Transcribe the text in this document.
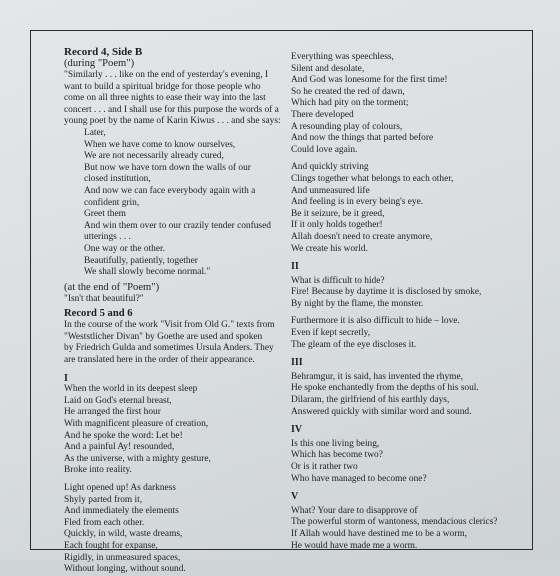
Record 4, Side B

(during "Poem")

"Similarly . . . like on the end of yesterday's evening, I

want to build a spiritual bridge for those people who

come on all three nights to ease their way into the last

concert . . . and I shall use for this purpose the words of a

young poet by the name of Karin Kiwus . . . and she says:

Later,

When we have come to know ourselves,

We are not necessarily already cured,

But now we have torn down the walls of our

closed institution,

And now we can face everybody again with a

confident grin,

Greet them

And win them over to our crazily tender confused

utterings . . .

One way or the other.

Beautifully, patiently, together

We shall slowly become normal."

(at the end of "Poem")

"Isn't that beautiful?"

Record 5 and 6

In the course of the work "Visit from Old G." texts from

"Weststlicher Divan" by Goethe are used and spoken

by Friedrich Gulda and sometimes Ursula Anders. They

are translated here in the order of their appearance.

I

When the world in its deepest sleep

Laid on God's eternal breast,

He arranged the first hour

With magnificent pleasure of creation,

And he spoke the word: Let be!

And a painful Ay! resounded,

As the universe, with a mighty gesture,

Broke into reality.

Light opened up! As darkness

Shyly parted from it,

And immediately the elements

Fled from each other.

Quickly, in wild, waste dreams,

Each fought for expanse,

Rigidly, in unmeasured spaces,

Without longing, without sound.

Everything was speechless,

Silent and desolate,

And God was lonesome for the first time!

So he created the red of dawn,

Which had pity on the torment;

There developed

A resounding play of colours,

And now the things that parted before

Could love again.

And quickly striving

Clings together what belongs to each other,

And unmeasured life

And feeling is in every being's eye.

Be it seizure, be it greed,

If it only holds together!

Allah doesn't need to create anymore,

We create his world.

II

What is difficult to hide?

Fire! Because by daytime it is disclosed by smoke,

By night by the flame, the monster.

Furthermore it is also difficult to hide – love.

Even if kept secretly,

The gleam of the eye discloses it.

III

Behramgur, it is said, has invented the rhyme,

He spoke enchantedly from the depths of his soul.

Dilaram, the girlfriend of his earthly days,

Answered quickly with similar word and sound.

IV

Is this one living being,

Which has become two?

Or is it rather two

Who have managed to become one?

V

What? Your dare to disapprove of

The powerful storm of wantoness, mendacious clerics?

If Allah would have destined me to be a worm,

He would have made me a worm.
